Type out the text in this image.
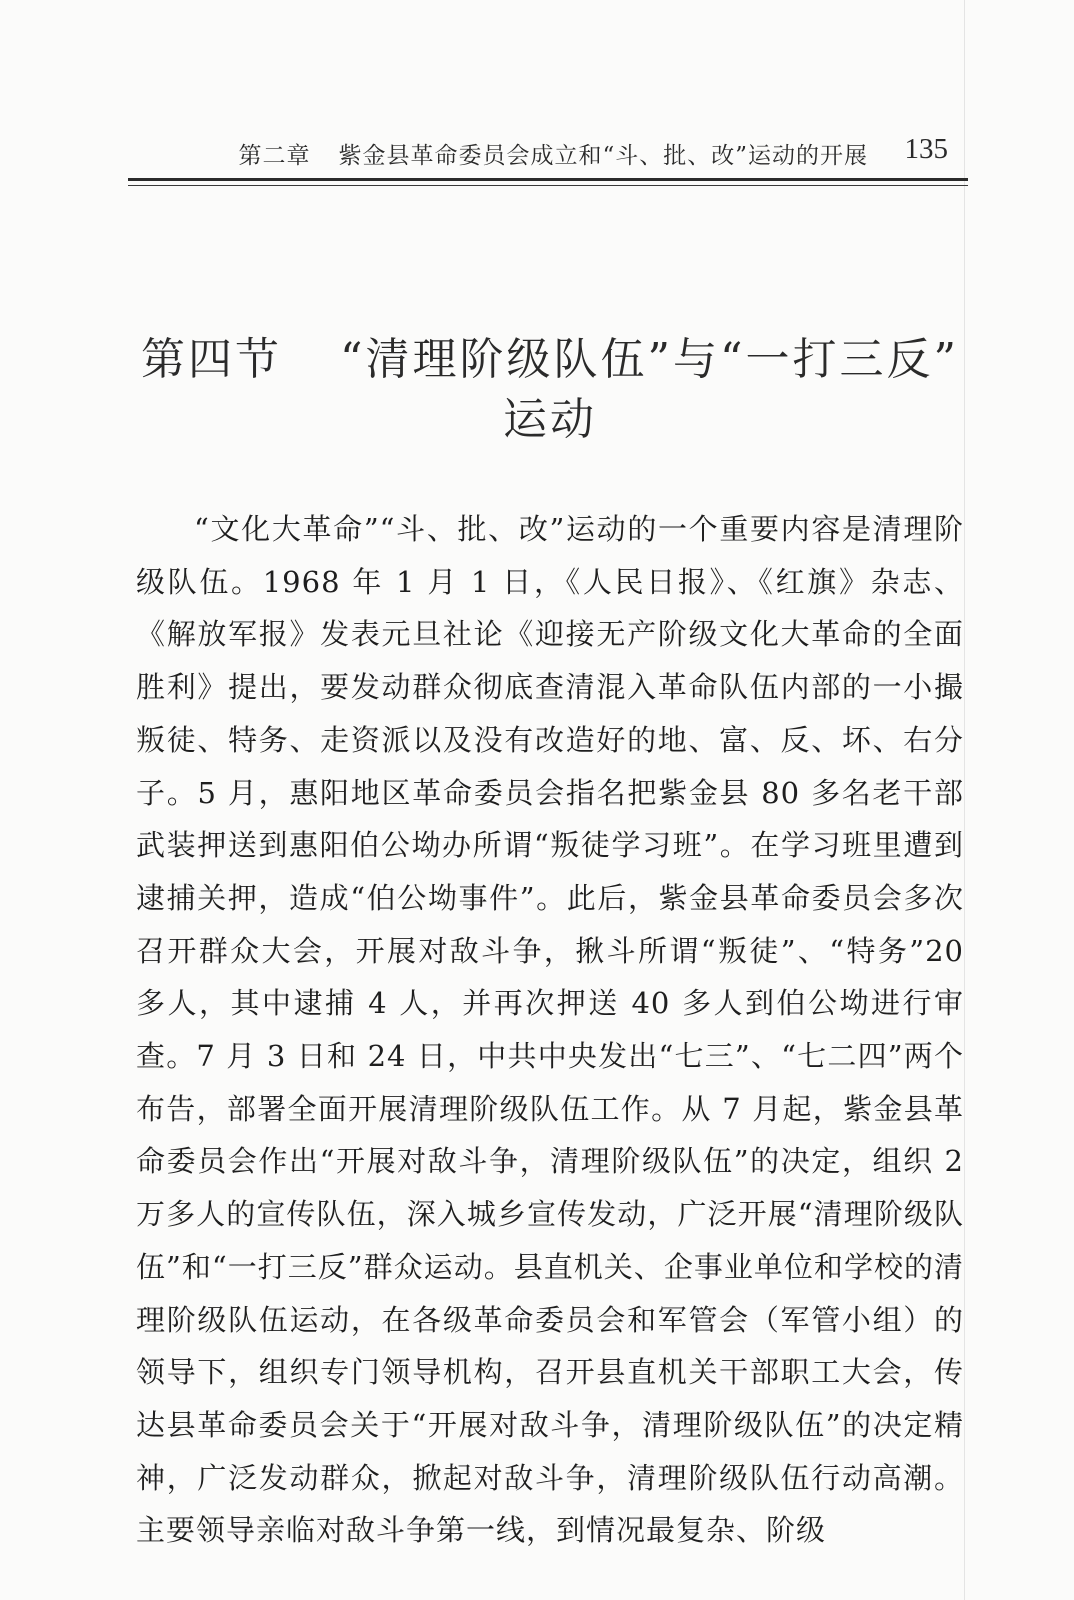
第二章 紫金县革命委员会成立和“斗、批、改”运动的开展 135
第四节 “清理阶级队伍”与“一打三反”
运动

“文化大革命”“斗、批、改”运动的一个重要内容是清理阶级队伍。1968 年 1 月 1 日，《人民日报》、《红旗》杂志、《解放军报》发表元旦社论《迎接无产阶级文化大革命的全面胜利》提出，要发动群众彻底查清混入革命队伍内部的一小撮叛徒、特务、走资派以及没有改造好的地、富、反、坏、右分子。5 月，惠阳地区革命委员会指名把紫金县 80 多名老干部武装押送到惠阳伯公坳办所谓“叛徒学习班”。在学习班里遭到逮捕关押，造成“伯公坳事件”。此后，紫金县革命委员会多次召开群众大会，开展对敌斗争，揪斗所谓“叛徒”、“特务”20 多人，其中逮捕 4 人，并再次押送 40 多人到伯公坳进行审查。7 月 3 日和 24 日，中共中央发出“七三”、“七二四”两个布告，部署全面开展清理阶级队伍工作。从 7 月起，紫金县革命委员会作出“开展对敌斗争，清理阶级队伍”的决定，组织 2 万多人的宣传队伍，深入城乡宣传发动，广泛开展“清理阶级队伍”和“一打三反”群众运动。县直机关、企事业单位和学校的清理阶级队伍运动，在各级革命委员会和军管会（军管小组）的领导下，组织专门领导机构，召开县直机关干部职工大会，传达县革命委员会关于“开展对敌斗争，清理阶级队伍”的决定精神，广泛发动群众，掀起对敌斗争，清理阶级队伍行动高潮。主要领导亲临对敌斗争第一线，到情况最复杂、阶级
